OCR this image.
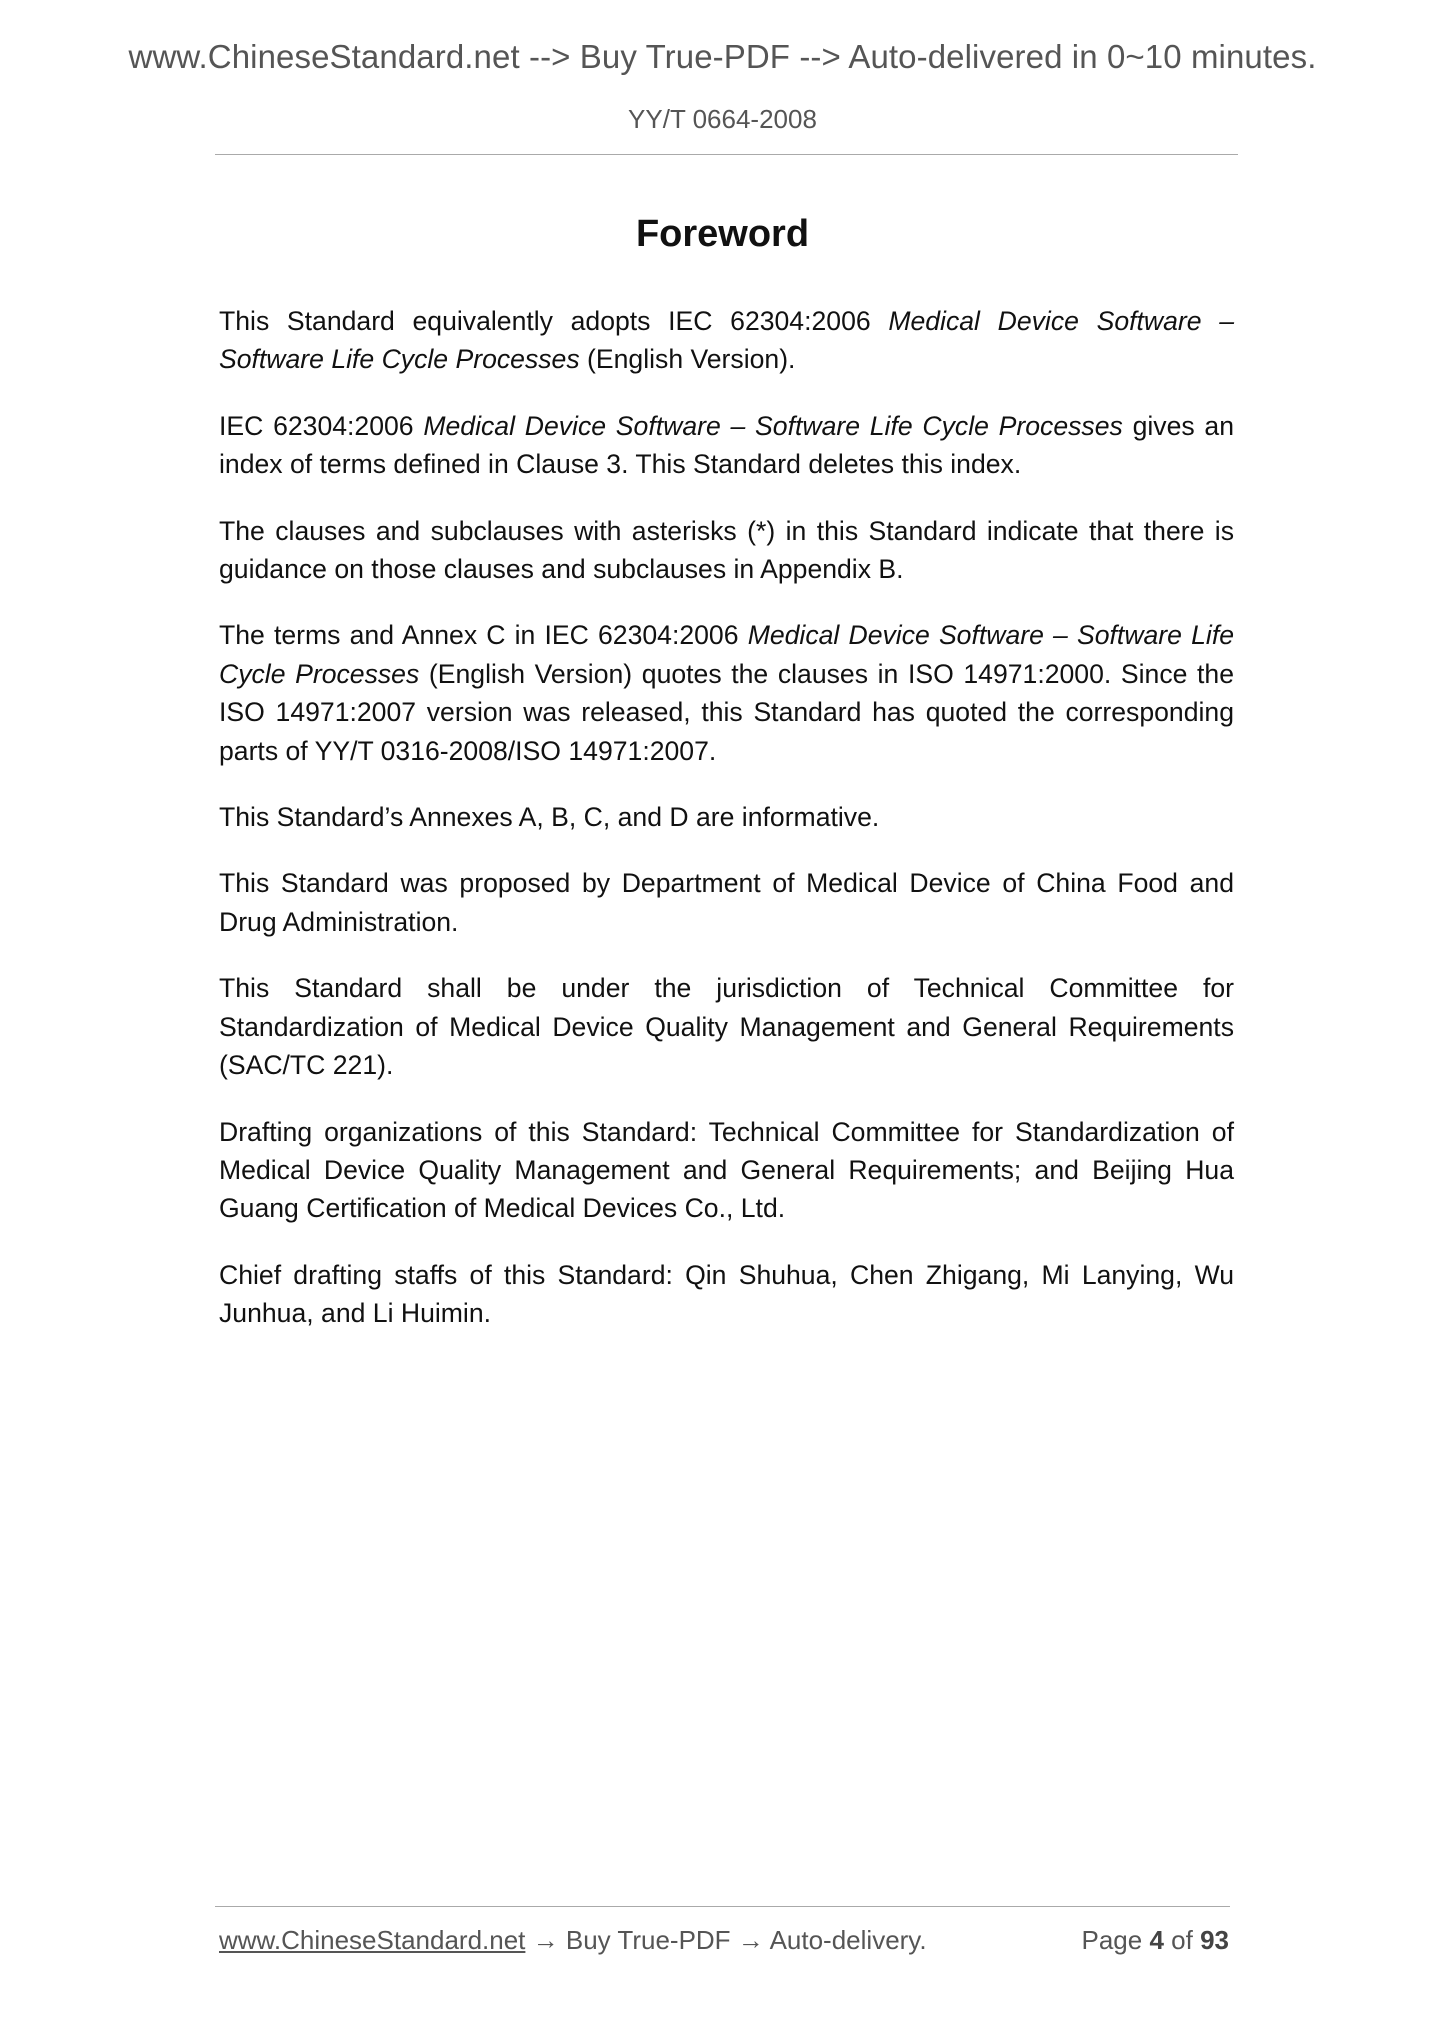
www.ChineseStandard.net --> Buy True-PDF --> Auto-delivered in 0~10 minutes.
YY/T 0664-2008
Foreword

This Standard equivalently adopts IEC 62304:2006 Medical Device Software – Software Life Cycle Processes (English Version).

IEC 62304:2006 Medical Device Software – Software Life Cycle Processes gives an index of terms defined in Clause 3. This Standard deletes this index.

The clauses and subclauses with asterisks (*) in this Standard indicate that there is guidance on those clauses and subclauses in Appendix B.

The terms and Annex C in IEC 62304:2006 Medical Device Software – Software Life Cycle Processes (English Version) quotes the clauses in ISO 14971:2000. Since the ISO 14971:2007 version was released, this Standard has quoted the corresponding parts of YY/T 0316-2008/ISO 14971:2007.

This Standard’s Annexes A, B, C, and D are informative.

This Standard was proposed by Department of Medical Device of China Food and Drug Administration.

This Standard shall be under the jurisdiction of Technical Committee for Standardization of Medical Device Quality Management and General Requirements (SAC/TC 221).

Drafting organizations of this Standard: Technical Committee for Standardization of Medical Device Quality Management and General Requirements; and Beijing Hua Guang Certification of Medical Devices Co., Ltd.

Chief drafting staffs of this Standard: Qin Shuhua, Chen Zhigang, Mi Lanying, Wu Junhua, and Li Huimin.

www.ChineseStandard.net → Buy True-PDF → Auto-delivery.	Page 4 of 93
